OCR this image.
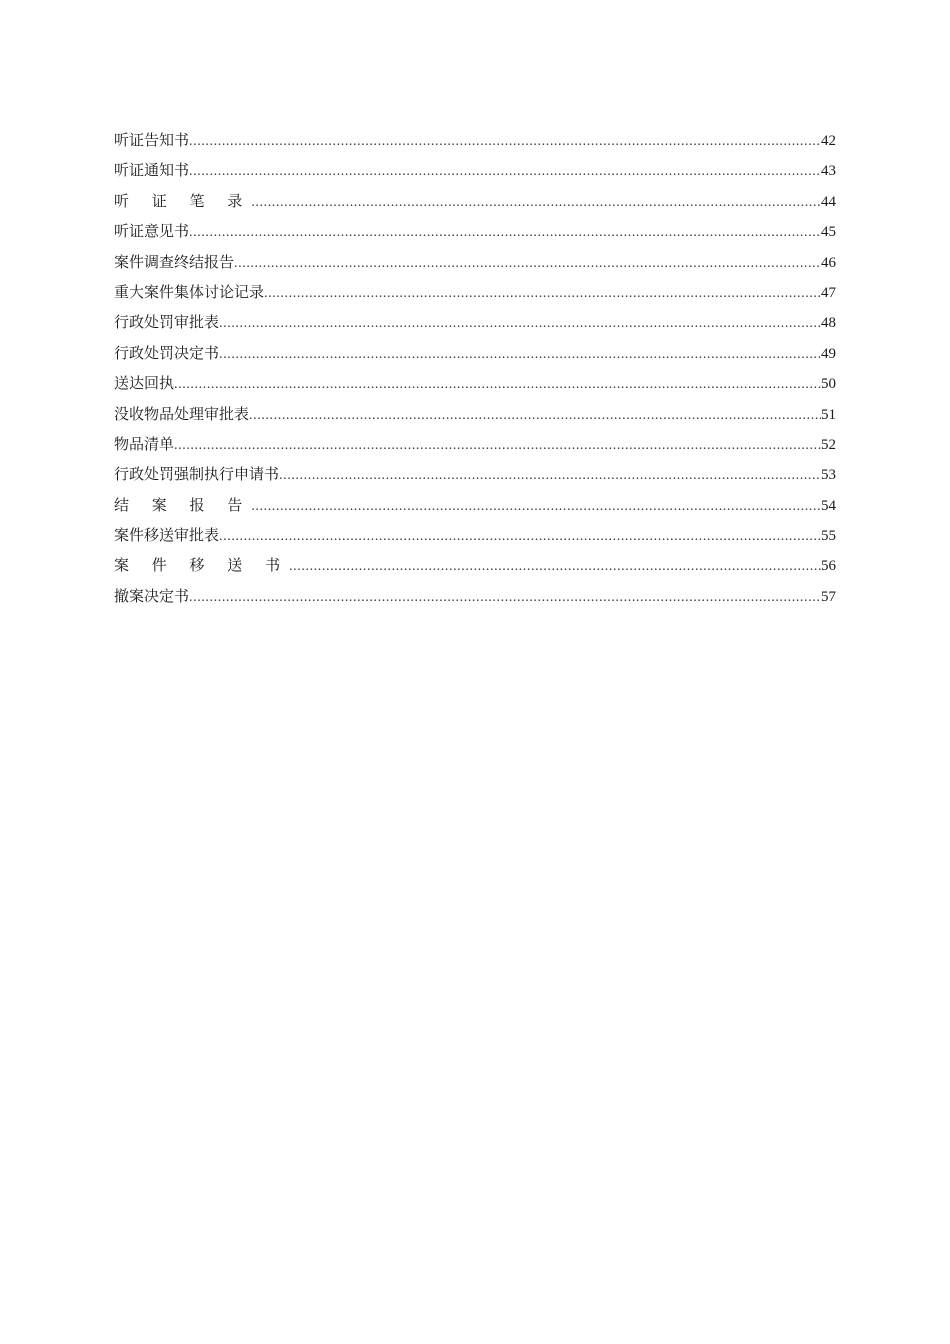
听证告知书 .....	42
听证通知书 .....	43
听 证 笔 录 .....	44
听证意见书 .....	45
案件调查终结报告 .....	46
重大案件集体讨论记录 .....	47
行政处罚审批表 .....	48
行政处罚决定书 .....	49
送达回执 .....	50
没收物品处理审批表 .....	51
物品清单 .....	52
行政处罚强制执行申请书 .....	53
结 案 报 告 .....	54
案件移送审批表 .....	55
案 件 移 送 书 .....	56
撤案决定书 .....	57
